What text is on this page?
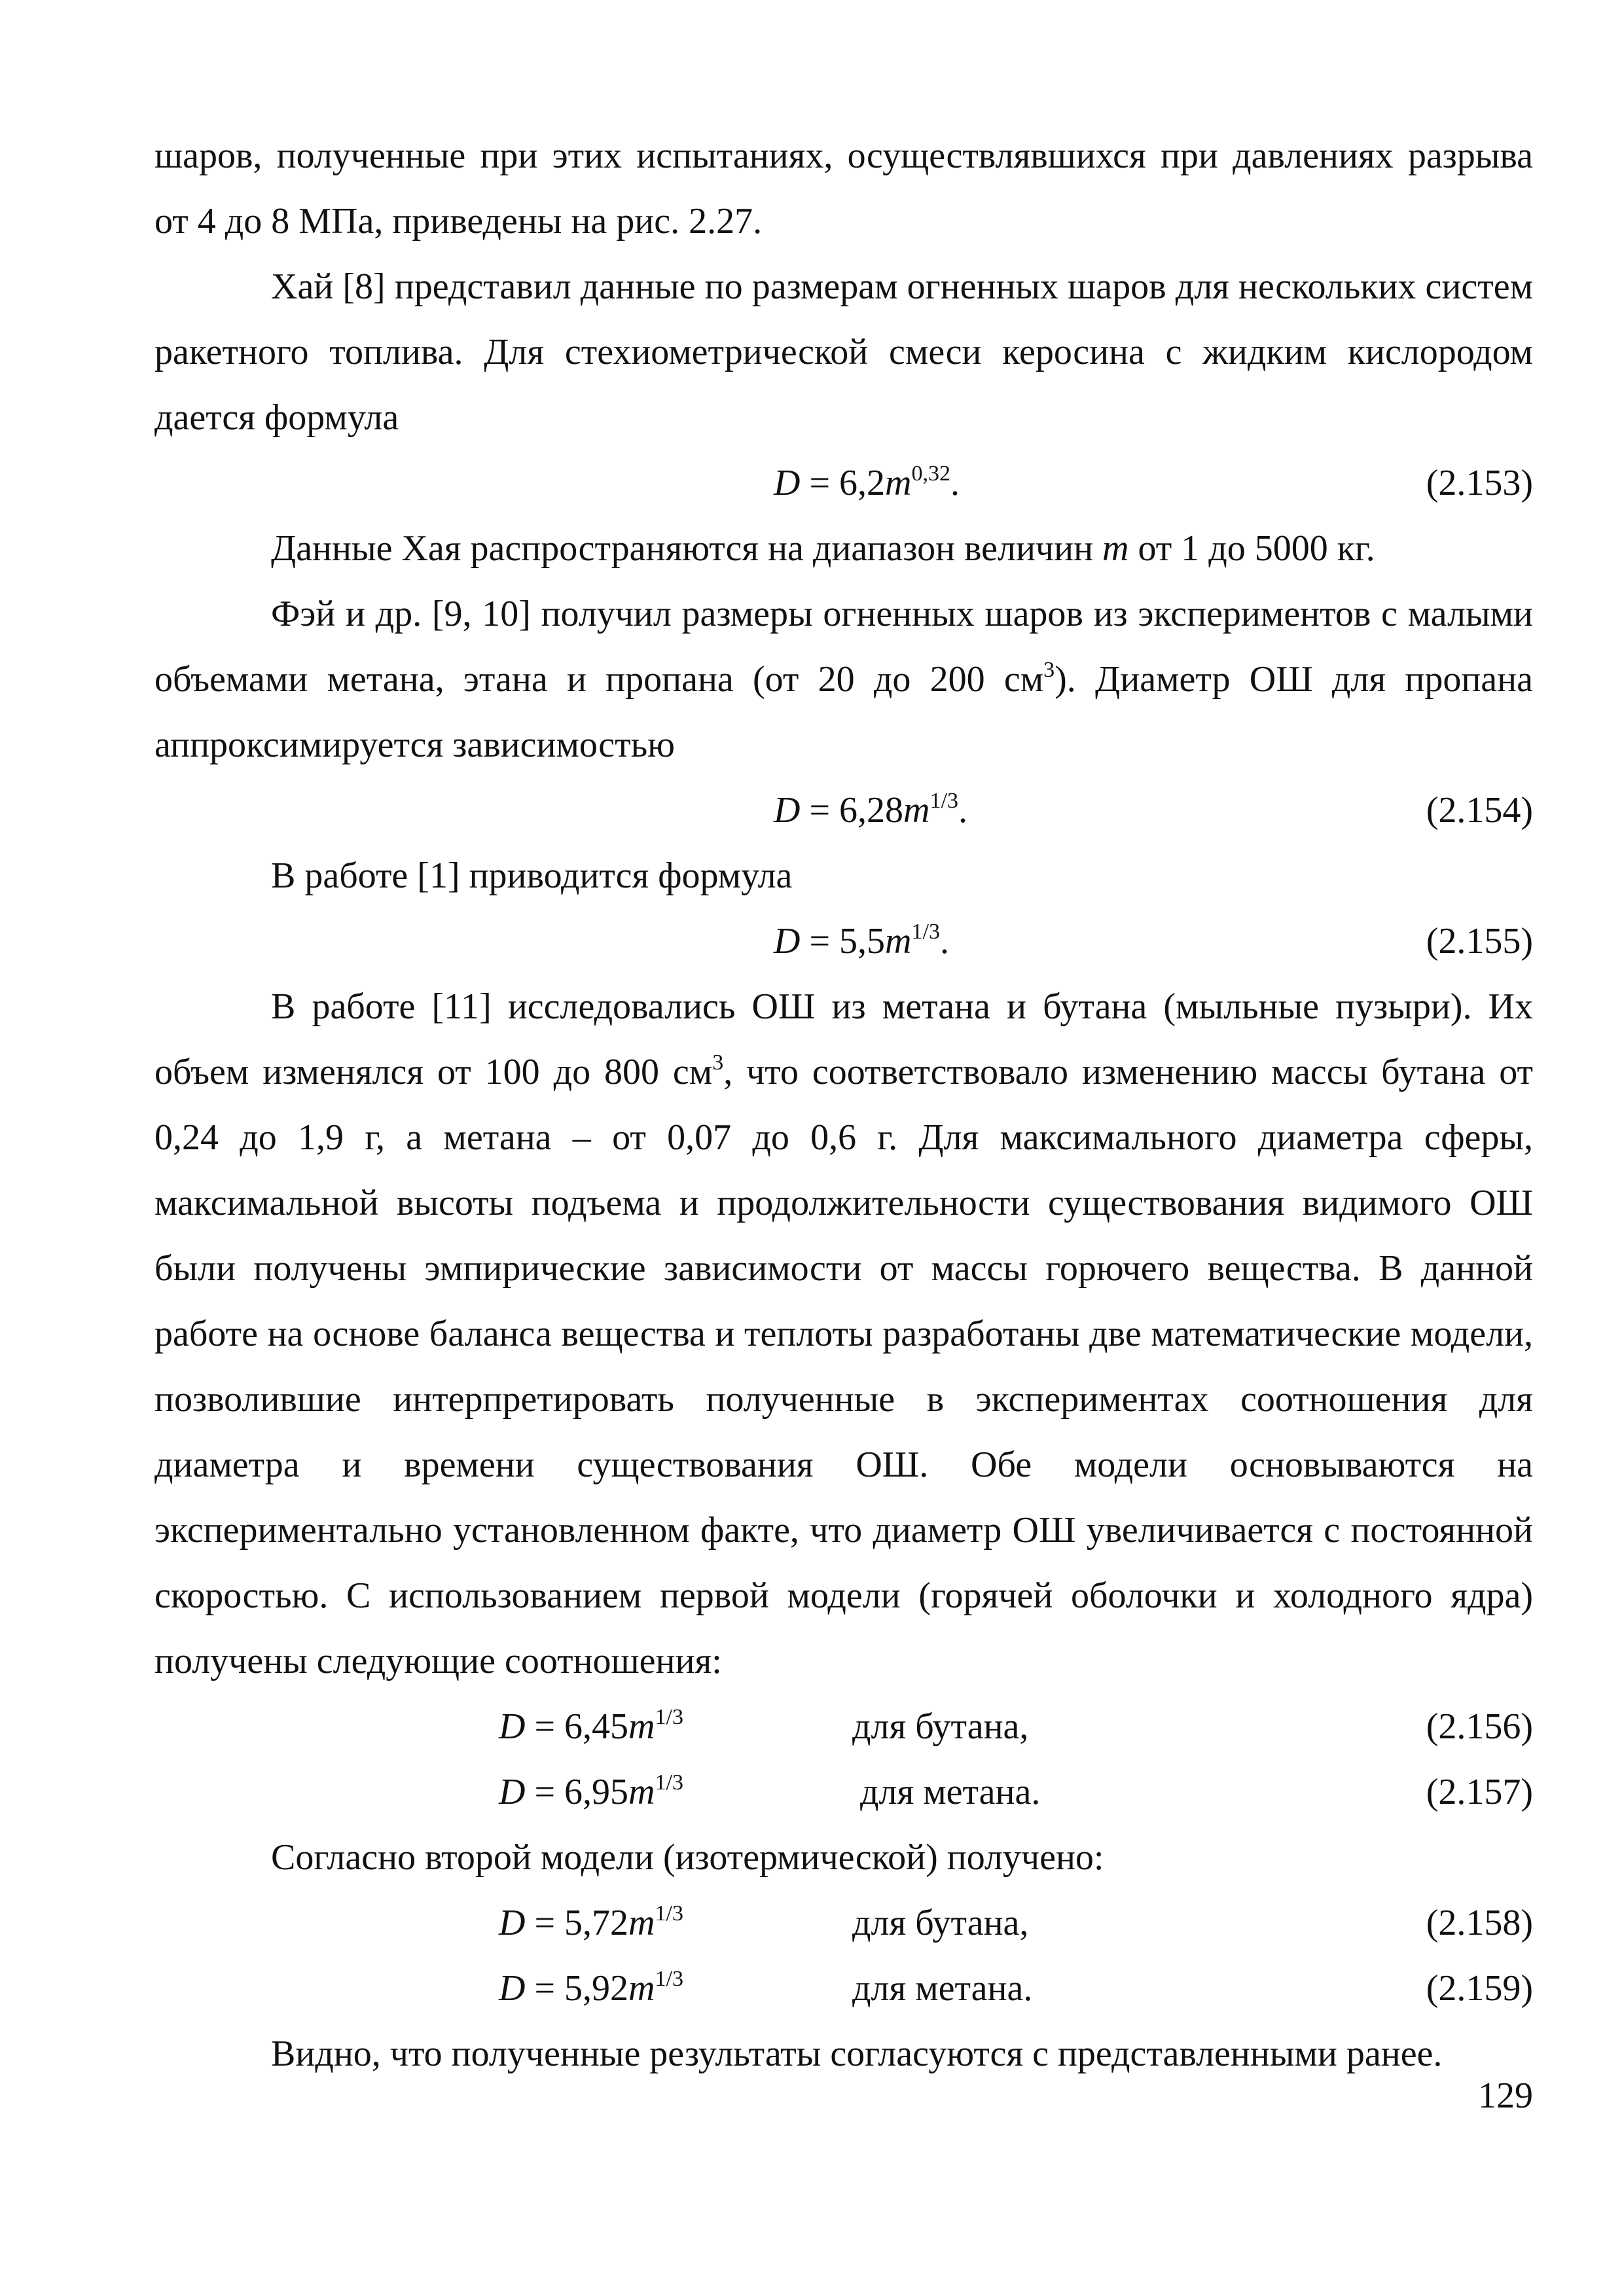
шаров, полученные при этих испытаниях, осуществлявшихся при давлениях разрыва от 4 до 8 МПа, приведены на рис. 2.27.

Хай [8] представил данные по размерам огненных шаров для нескольких систем ракетного топлива. Для стехиометрической смеси керосина с жидким кислородом дается формула

$D = 6,2m^{0,32}$.	(2.153)

Данные Хая распространяются на диапазон величин m от 1 до 5000 кг.

Фэй и др. [9, 10] получил размеры огненных шаров из экспериментов с малыми объемами метана, этана и пропана (от 20 до 200 $см^3$). Диаметр ОШ для пропана аппроксимируется зависимостью

$D = 6,28m^{1/3}$.	(2.154)

В работе [1] приводится формула

$D = 5,5m^{1/3}$.	(2.155)

В работе [11] исследовались ОШ из метана и бутана (мыльные пузыри). Их объем изменялся от 100 до 800 $см^3$, что соответствовало изменению массы бутана от 0,24 до 1,9 г, а метана – от 0,07 до 0,6 г. Для максимального диаметра сферы, максимальной высоты подъема и продолжительности существования видимого ОШ были получены эмпирические зависимости от массы горючего вещества. В данной работе на основе баланса вещества и теплоты разработаны две математические модели, позволившие интерпретировать полученные в экспериментах соотношения для диаметра и времени существования ОШ. Обе модели основываются на экспериментально установленном факте, что диаметр ОШ увеличивается с постоянной скоростью. С использованием первой модели (горячей оболочки и холодного ядра) получены следующие соотношения:

$D = 6,45m^{1/3}$	для бутана,	(2.156)
$D = 6,95m^{1/3}$	для метана.	(2.157)

Согласно второй модели (изотермической) получено:

$D = 5,72m^{1/3}$	для бутана,	(2.158)
$D = 5,92m^{1/3}$	для метана.	(2.159)

Видно, что полученные результаты согласуются с представленными ранее.

129
